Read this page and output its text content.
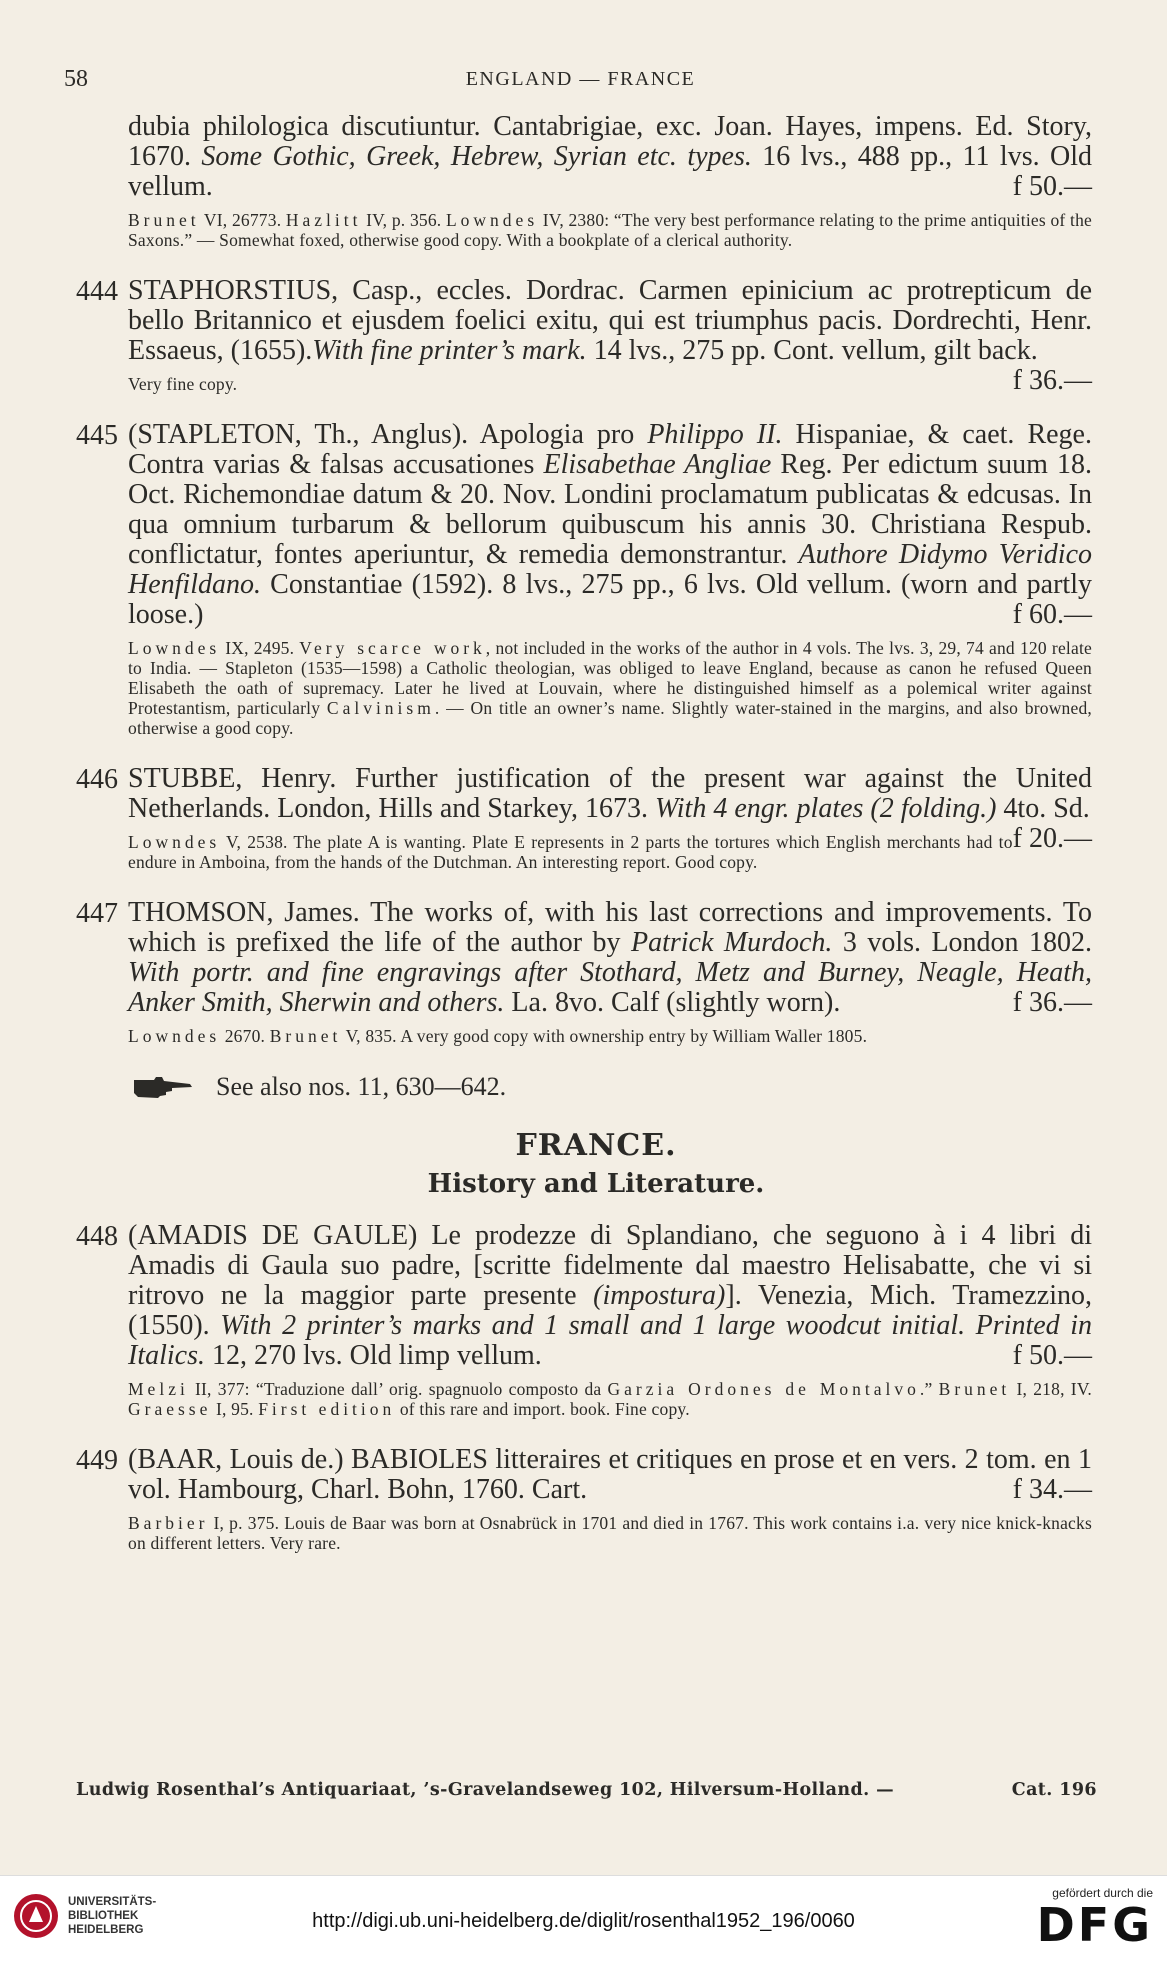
58	ENGLAND — FRANCE
dubia philologica discutiuntur. Cantabrigiae, exc. Joan. Hayes, impens. Ed. Story, 1670. Some Gothic, Greek, Hebrew, Syrian etc. types. 16 lvs., 488 pp., 11 lvs. Old vellum.	f 50.—
Brunet VI, 26773. Hazlitt IV, p. 356. Lowndes IV, 2380: “The very best performance relating to the prime antiquities of the Saxons.” — Somewhat foxed, otherwise good copy. With a bookplate of a clerical authority.
444 STAPHORSTIUS, Casp., eccles. Dordrac. Carmen epinicium ac protrepticum de bello Britannico et ejusdem foelici exitu, qui est triumphus pacis. Dordrechti, Henr. Essaeus, (1655).With fine printer’s mark. 14 lvs., 275 pp. Cont. vellum, gilt back.
f 36.—
Very fine copy.
445 (STAPLETON, Th., Anglus). Apologia pro Philippo II. Hispaniae, & caet. Rege. Contra varias & falsas accusationes Elisabethae Angliae Reg. Per edictum suum 18. Oct. Richemondiae datum & 20. Nov. Londini proclamatum publicatas & edcusas. In qua omnium turbarum & bellorum quibuscum his annis 30. Christiana Respub. conflictatur, fontes aperiuntur, & remedia demonstrantur. Authore Didymo Veridico Henfildano. Constantiae (1592). 8 lvs., 275 pp., 6 lvs. Old vellum. (worn and partly loose.)	f 60.—
Lowndes IX, 2495. Very scarce work, not included in the works of the author in 4 vols. The lvs. 3, 29, 74 and 120 relate to India. — Stapleton (1535—1598) a Catholic theologian, was obliged to leave England, because as canon he refused Queen Elisabeth the oath of supremacy. Later he lived at Louvain, where he distinguished himself as a polemical writer against Protestantism, particularly Calvinism. — On title an owner’s name. Slightly water-stained in the margins, and also browned, otherwise a good copy.
446 STUBBE, Henry. Further justification of the present war against the United Netherlands. London, Hills and Starkey, 1673. With 4 engr. plates (2 folding.) 4to. Sd.
f 20.—
Lowndes V, 2538. The plate A is wanting. Plate E represents in 2 parts the tortures which English merchants had to endure in Amboina, from the hands of the Dutchman. An interesting report. Good copy.
447 THOMSON, James. The works of, with his last corrections and improvements. To which is prefixed the life of the author by Patrick Murdoch. 3 vols. London 1802. With portr. and fine engravings after Stothard, Metz and Burney, Neagle, Heath, Anker Smith, Sherwin and others. La. 8vo. Calf (slightly worn).	f 36.—
Lowndes 2670. Brunet V, 835. A very good copy with ownership entry by William Waller 1805.
See also nos. 11, 630—642.
FRANCE.
History and Literature.
448 (AMADIS DE GAULE) Le prodezze di Splandiano, che seguono à i 4 libri di Amadis di Gaula suo padre, [scritte fidelmente dal maestro Helisabatte, che vi si ritrovo ne la maggior parte presente (impostura)]. Venezia, Mich. Tramezzino, (1550). With 2 printer’s marks and 1 small and 1 large woodcut initial. Printed in Italics. 12, 270 lvs. Old limp vellum.	f 50.—
Melzi II, 377: “Traduzione dall’ orig. spagnuolo composto da Garzia Ordones de Montalvo.” Brunet I, 218, IV. Graesse I, 95. First edition of this rare and import. book. Fine copy.
449 (BAAR, Louis de.) BABIOLES litteraires et critiques en prose et en vers. 2 tom. en 1 vol. Hambourg, Charl. Bohn, 1760. Cart.	f 34.—
Barbier I, p. 375. Louis de Baar was born at Osnabrück in 1701 and died in 1767. This work contains i.a. very nice knick-knacks on different letters. Very rare.
Ludwig Rosenthal’s Antiquariaat, ’s-Gravelandseweg 102, Hilversum-Holland. —	Cat. 196
UNIVERSITÄTS-
BIBLIOTHEK
HEIDELBERG	http://digi.ub.uni-heidelberg.de/diglit/rosenthal1952_196/0060
gefördert durch die
DFG
